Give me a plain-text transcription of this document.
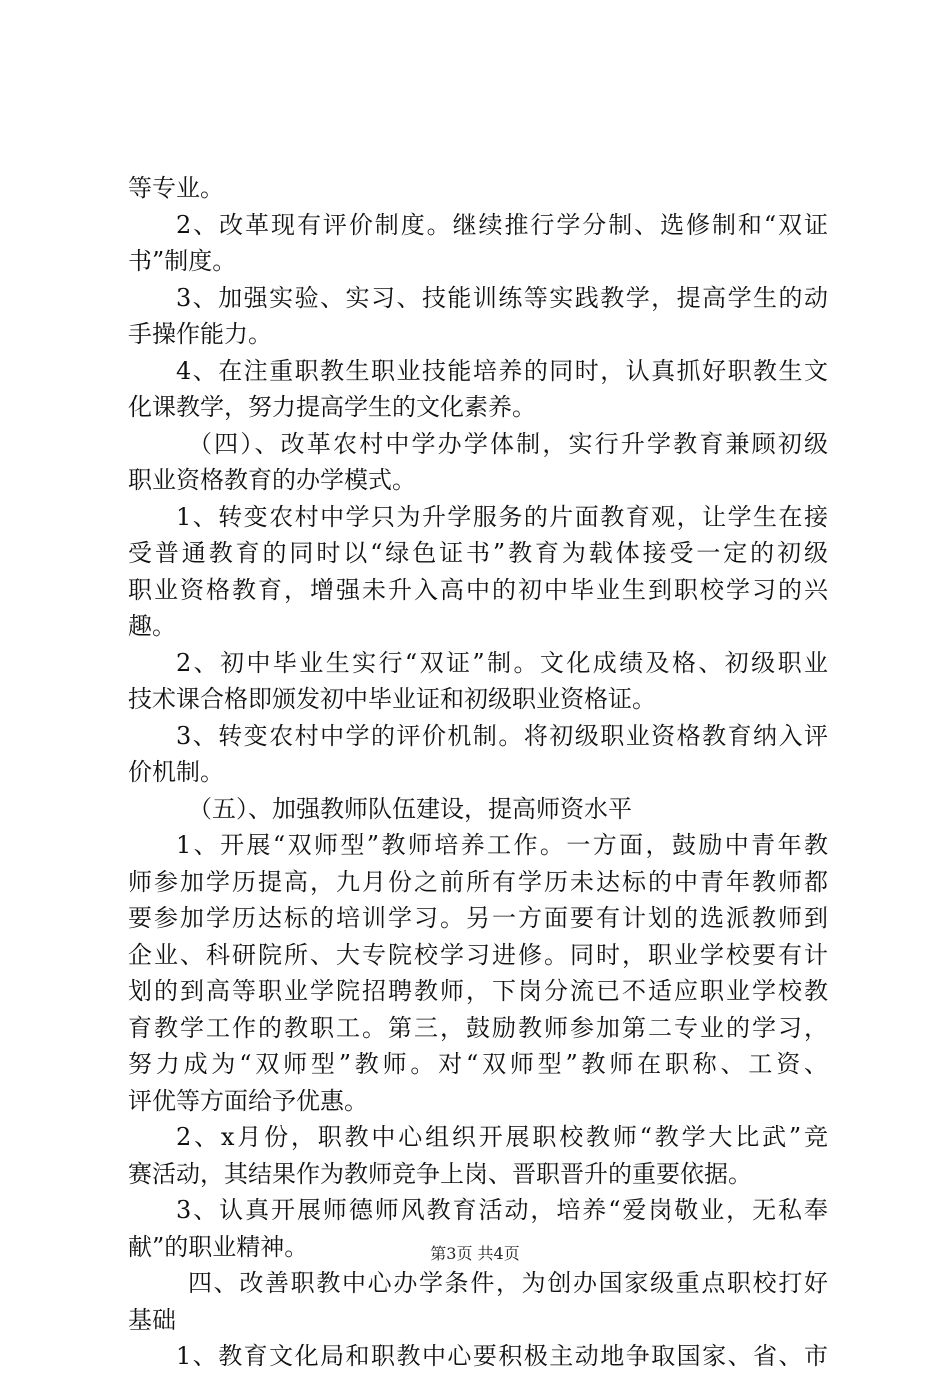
等专业。
2、改革现有评价制度。继续推行学分制、选修制和“双证
书”制度。
3、加强实验、实习、技能训练等实践教学，提高学生的动
手操作能力。
4、在注重职教生职业技能培养的同时，认真抓好职教生文
化课教学，努力提高学生的文化素养。
（四）、改革农村中学办学体制，实行升学教育兼顾初级
职业资格教育的办学模式。
1、转变农村中学只为升学服务的片面教育观，让学生在接
受普通教育的同时以“绿色证书”教育为载体接受一定的初级
职业资格教育，增强未升入高中的初中毕业生到职校学习的兴
趣。
2、初中毕业生实行“双证”制。文化成绩及格、初级职业
技术课合格即颁发初中毕业证和初级职业资格证。
3、转变农村中学的评价机制。将初级职业资格教育纳入评
价机制。
（五）、加强教师队伍建设，提高师资水平
1、开展“双师型”教师培养工作。一方面，鼓励中青年教
师参加学历提高，九月份之前所有学历未达标的中青年教师都
要参加学历达标的培训学习。另一方面要有计划的选派教师到
企业、科研院所、大专院校学习进修。同时，职业学校要有计
划的到高等职业学院招聘教师，下岗分流已不适应职业学校教
育教学工作的教职工。第三，鼓励教师参加第二专业的学习，
努力成为“双师型”教师。对“双师型”教师在职称、工资、
评优等方面给予优惠。
2、x月份，职教中心组织开展职校教师“教学大比武”竞
赛活动，其结果作为教师竞争上岗、晋职晋升的重要依据。
3、认真开展师德师风教育活动，培养“爱岗敬业，无私奉
献”的职业精神。
四、改善职教中心办学条件，为创办国家级重点职校打好
基础
1、教育文化局和职教中心要积极主动地争取国家、省、市
第3页 共4页
